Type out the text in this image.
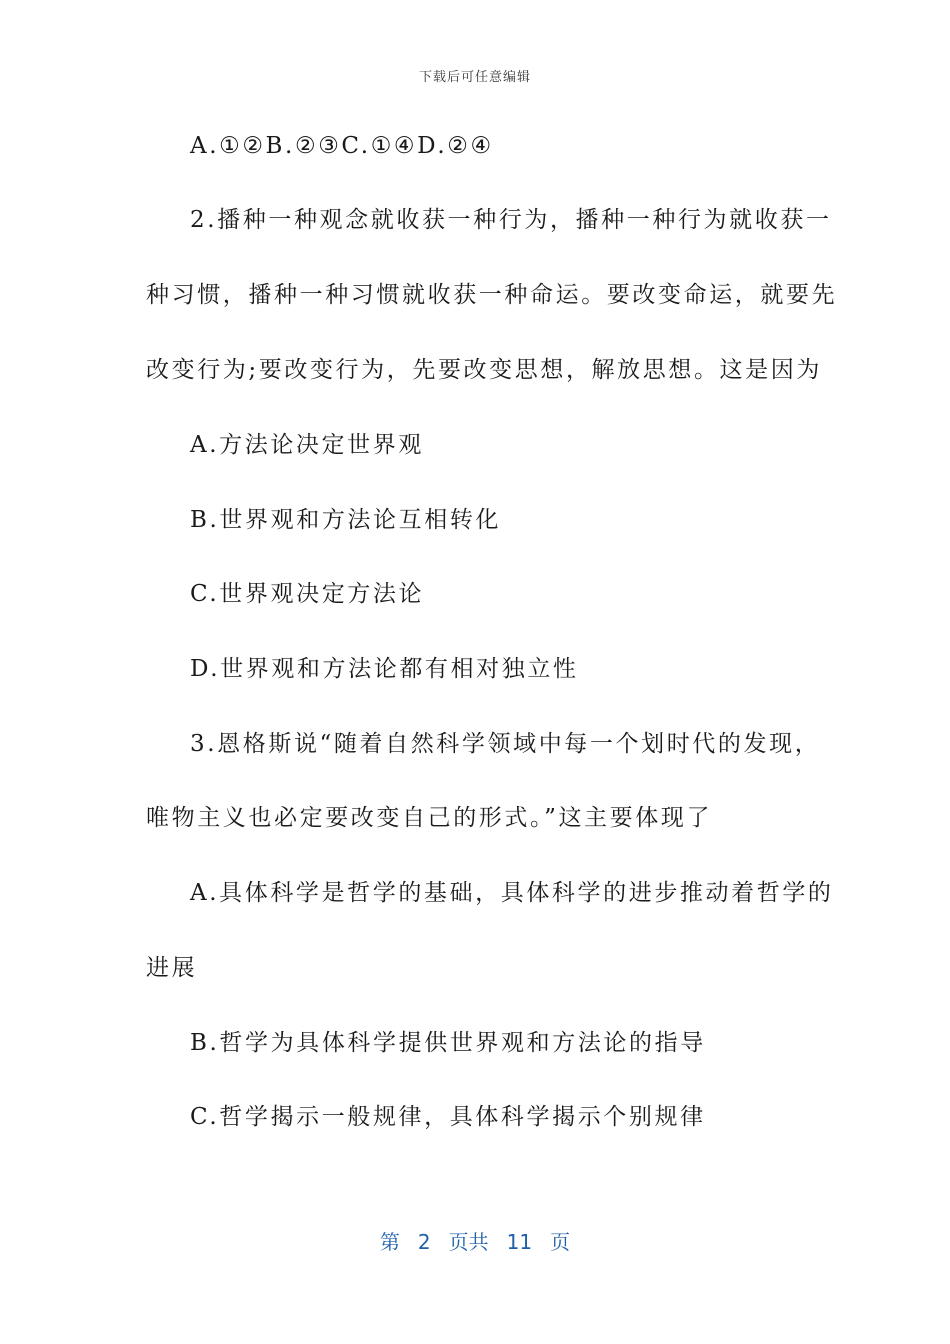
下载后可任意编辑
A.①②B.②③C.①④D.②④
2.播种一种观念就收获一种行为，播种一种行为就收获一
种习惯，播种一种习惯就收获一种命运。要改变命运，就要先
改变行为;要改变行为，先要改变思想，解放思想。这是因为
A.方法论决定世界观
B.世界观和方法论互相转化
C.世界观决定方法论
D.世界观和方法论都有相对独立性
3.恩格斯说“随着自然科学领域中每一个划时代的发现，
唯物主义也必定要改变自己的形式。”这主要体现了
A.具体科学是哲学的基础，具体科学的进步推动着哲学的
进展
B.哲学为具体科学提供世界观和方法论的指导
C.哲学揭示一般规律，具体科学揭示个别规律
第 2 页共 11 页
